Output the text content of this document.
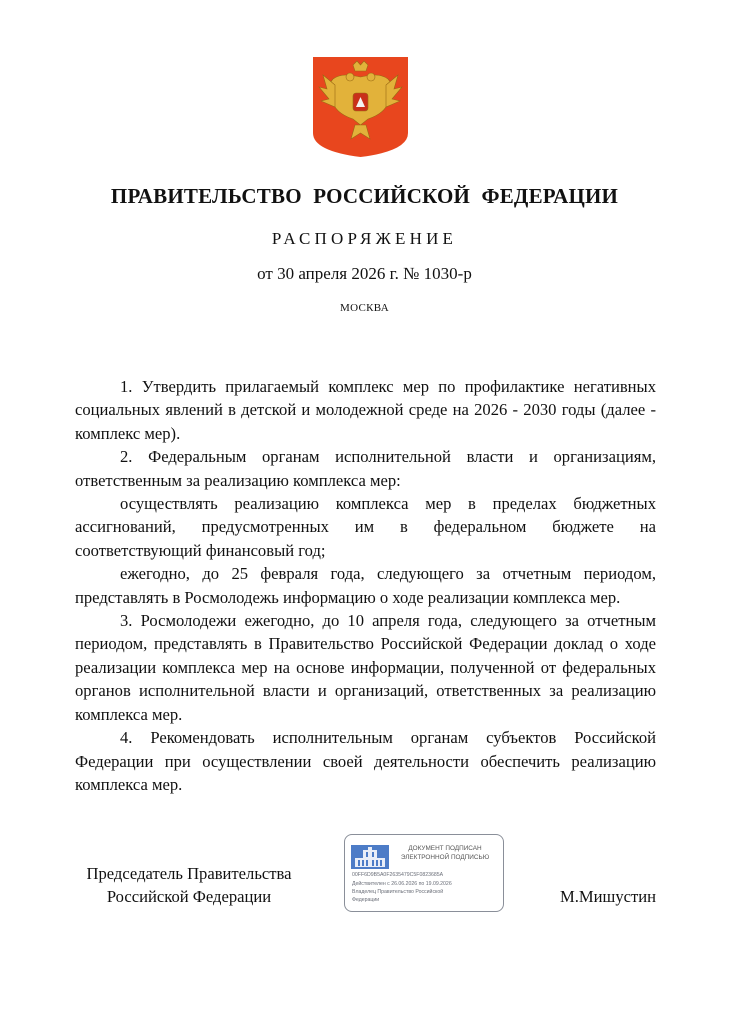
ПРАВИТЕЛЬСТВО РОССИЙСКОЙ ФЕДЕРАЦИИ
РАСПОРЯЖЕНИЕ
от 30 апреля 2026 г. № 1030-р
МОСКВА

1. Утвердить прилагаемый комплекс мер по профилактике негативных социальных явлений в детской и молодежной среде на 2026 - 2030 годы (далее - комплекс мер).

2. Федеральным органам исполнительной власти и организациям, ответственным за реализацию комплекса мер:

осуществлять реализацию комплекса мер в пределах бюджетных ассигнований, предусмотренных им в федеральном бюджете на соответствующий финансовый год;

ежегодно, до 25 февраля года, следующего за отчетным периодом, представлять в Росмолодежь информацию о ходе реализации комплекса мер.

3. Росмолодежи ежегодно, до 10 апреля года, следующего за отчетным периодом, представлять в Правительство Российской Федерации доклад о ходе реализации комплекса мер на основе информации, полученной от федеральных органов исполнительной власти и организаций, ответственных за реализацию комплекса мер.

4. Рекомендовать исполнительным органам субъектов Российской Федерации при осуществлении своей деятельности обеспечить реализацию комплекса мер.

Председатель Правительства
Российской Федерации
ДОКУМЕНТ ПОДПИСАН
ЭЛЕКТРОННОЙ ПОДПИСЬЮ
00FF6D9B5A0F2635479C5F0823685A
Действителен с 26.06.2026 по 19.09.2026
Владелец Правительство Российской
Федерации	М.Мишустин
